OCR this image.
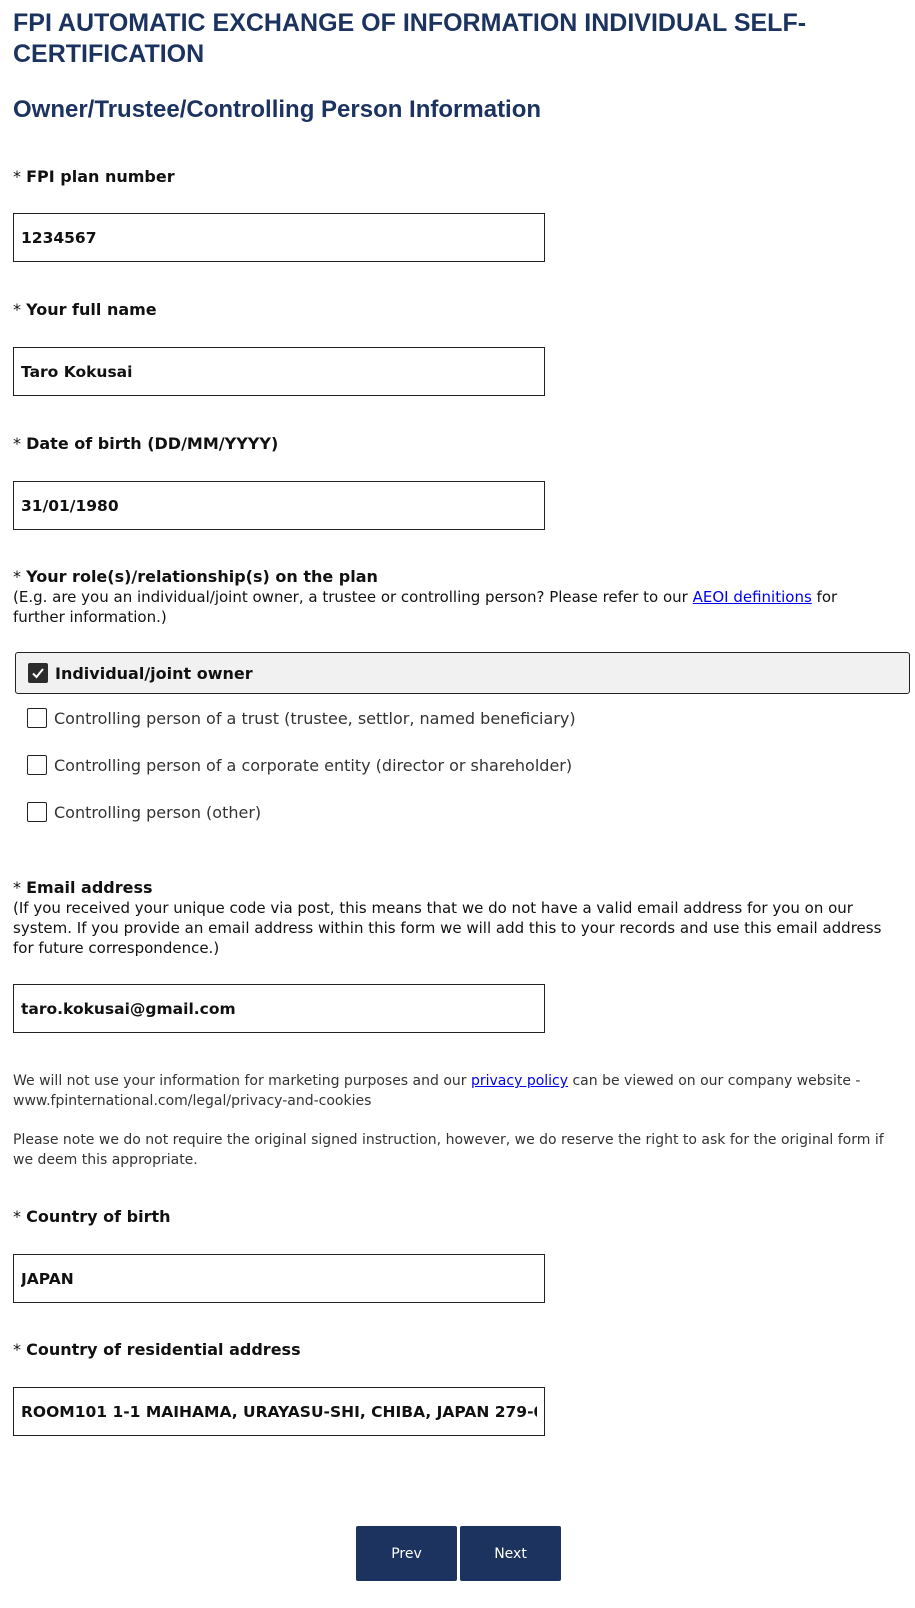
FPI AUTOMATIC EXCHANGE OF INFORMATION INDIVIDUAL SELF-CERTIFICATION
Owner/Trustee/Controlling Person Information
* FPI plan number
1234567
* Your full name
Taro Kokusai
* Date of birth (DD/MM/YYYY)
31/01/1980
* Your role(s)/relationship(s) on the plan
(E.g. are you an individual/joint owner, a trustee or controlling person? Please refer to our AEOI definitions for further information.)
Individual/joint owner
Controlling person of a trust (trustee, settlor, named beneficiary)
Controlling person of a corporate entity (director or shareholder)
Controlling person (other)
* Email address
(If you received your unique code via post, this means that we do not have a valid email address for you on our system. If you provide an email address within this form we will add this to your records and use this email address for future correspondence.)
taro.kokusai@gmail.com
We will not use your information for marketing purposes and our privacy policy can be viewed on our company website - www.fpinternational.com/legal/privacy-and-cookies
Please note we do not require the original signed instruction, however, we do reserve the right to ask for the original form if we deem this appropriate.
* Country of birth
JAPAN
* Country of residential address
ROOM101 1-1 MAIHAMA, URAYASU-SHI, CHIBA, JAPAN 279-0031
Prev	Next
